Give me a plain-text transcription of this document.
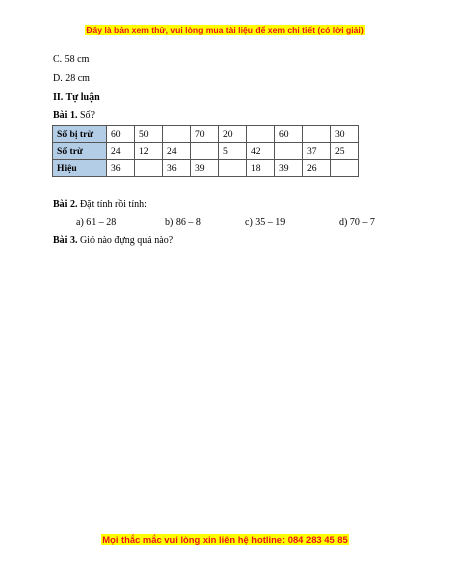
Đây là bản xem thử, vui lòng mua tài liệu để xem chi tiết (có lời giải)
C. 58 cm
D. 28 cm
II. Tự luận
Bài 1. Số?
Số bị trừ	60	50		70	20		60		30
Số trừ	24	12	24		5	42		37	25
Hiệu	36		36	39		18	39	26	
Bài 2. Đặt tính rồi tính:
a) 61 – 28	b) 86 – 8	c) 35 – 19	d) 70 – 7
Bài 3. Giỏ nào đựng quả nào?
Mọi thắc mắc vui lòng xin liên hệ hotline: 084 283 45 85
